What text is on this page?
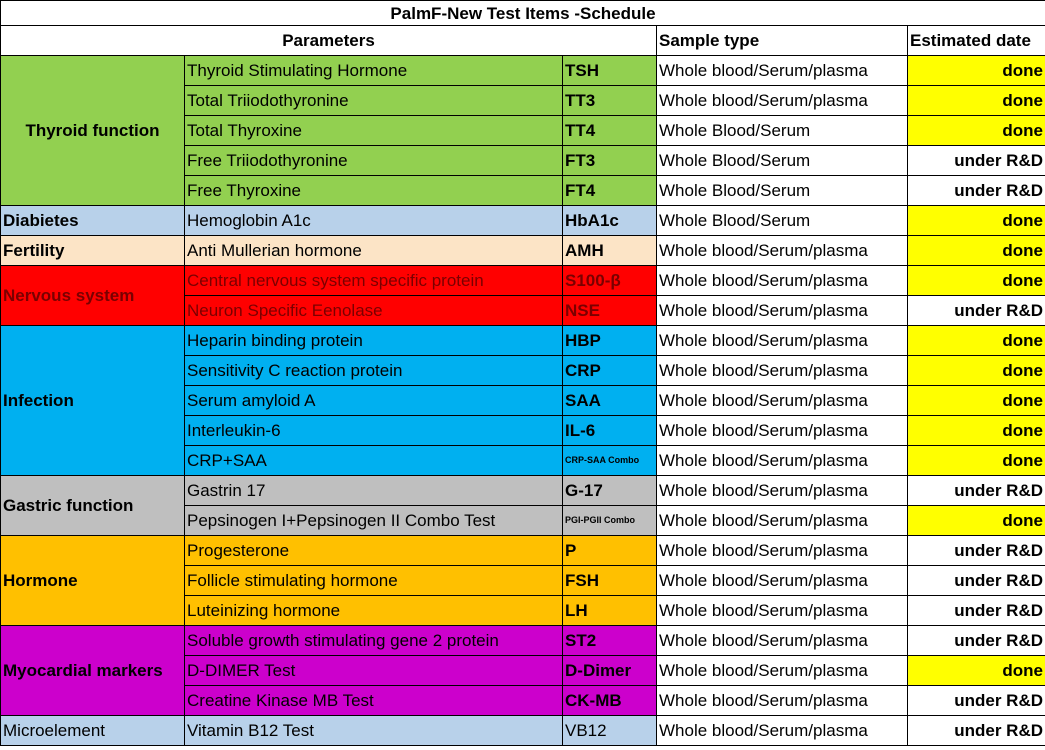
PalmF-New Test Items -Schedule				
Parameters			Sample type	Estimated date
Thyroid function	Thyroid Stimulating Hormone	TSH	Whole blood/Serum/plasma	done
	Total Triiodothyronine	TT3	Whole blood/Serum/plasma	done
	Total Thyroxine	TT4	Whole Blood/Serum	done
	Free Triiodothyronine	FT3	Whole Blood/Serum	under R&D
	Free Thyroxine	FT4	Whole Blood/Serum	under R&D
Diabietes	Hemoglobin A1c	HbA1c	Whole Blood/Serum	done
Fertility	Anti Mullerian hormone	AMH	Whole blood/Serum/plasma	done
Nervous system	Central nervous system specific protein	S100-β	Whole blood/Serum/plasma	done
	Neuron Specific Eenolase	NSE	Whole blood/Serum/plasma	under R&D
Infection	Heparin binding protein	HBP	Whole blood/Serum/plasma	done
	Sensitivity C reaction protein	CRP	Whole blood/Serum/plasma	done
	Serum amyloid A	SAA	Whole blood/Serum/plasma	done
	Interleukin-6	IL-6	Whole blood/Serum/plasma	done
	CRP+SAA	CRP-SAA Combo	Whole blood/Serum/plasma	done
Gastric function	Gastrin 17	G-17	Whole blood/Serum/plasma	under R&D
	Pepsinogen I+Pepsinogen II Combo Test	PGI-PGII Combo	Whole blood/Serum/plasma	done
Hormone	Progesterone	P	Whole blood/Serum/plasma	under R&D
	Follicle stimulating hormone	FSH	Whole blood/Serum/plasma	under R&D
	Luteinizing hormone	LH	Whole blood/Serum/plasma	under R&D
Myocardial markers	Soluble growth stimulating gene 2 protein	ST2	Whole blood/Serum/plasma	under R&D
	D-DIMER Test	D-Dimer	Whole blood/Serum/plasma	done
	Creatine Kinase MB Test	CK-MB	Whole blood/Serum/plasma	under R&D
Microelement	Vitamin B12 Test	VB12	Whole blood/Serum/plasma	under R&D
